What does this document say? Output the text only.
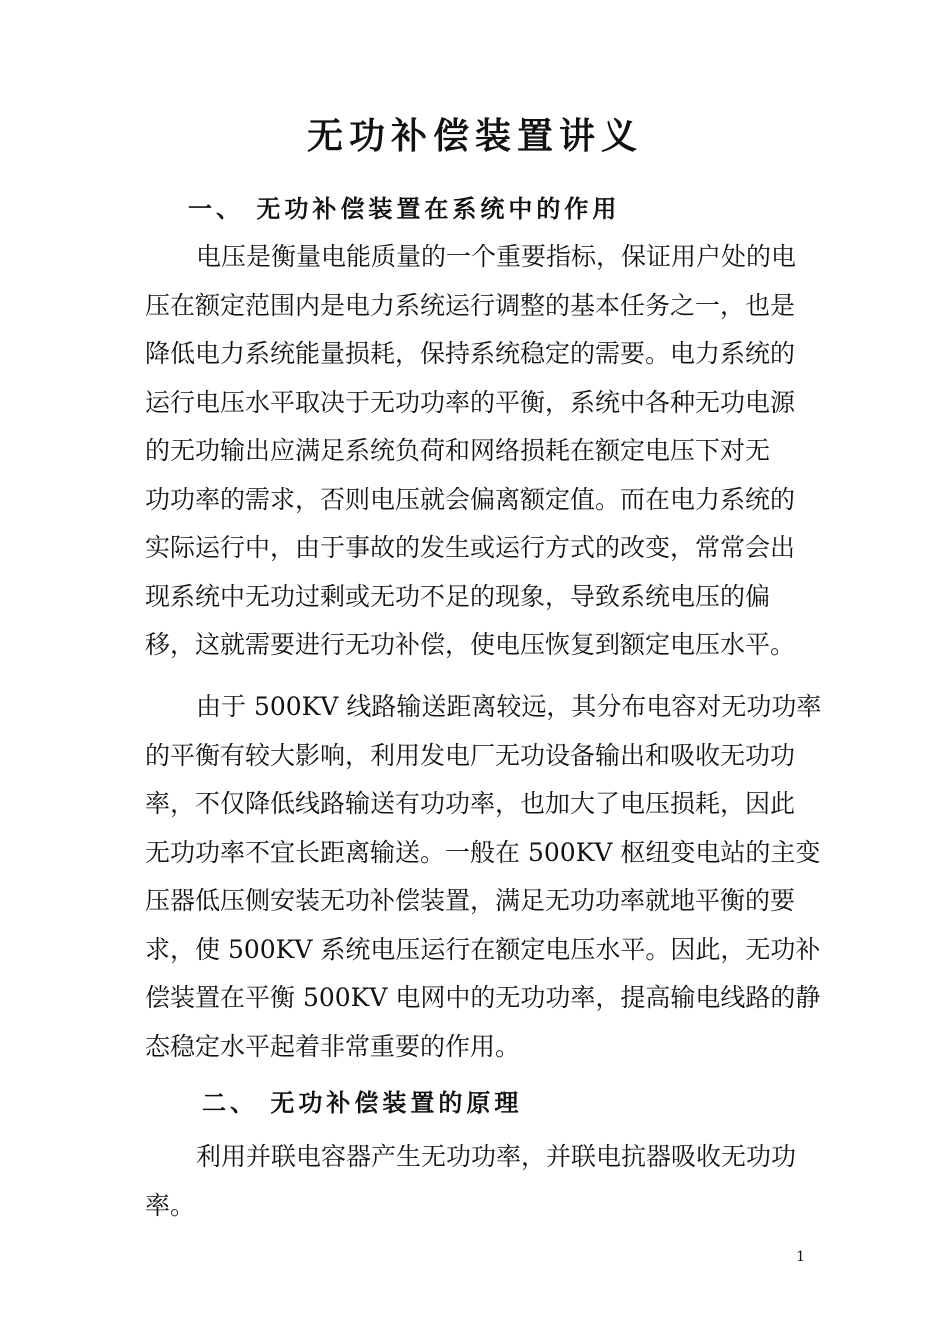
无功补偿装置讲义
一、 无功补偿装置在系统中的作用

电压是衡量电能质量的一个重要指标，保证用户处的电
压在额定范围内是电力系统运行调整的基本任务之一，也是
降低电力系统能量损耗，保持系统稳定的需要。电力系统的
运行电压水平取决于无功功率的平衡，系统中各种无功电源
的无功输出应满足系统负荷和网络损耗在额定电压下对无
功功率的需求，否则电压就会偏离额定值。而在电力系统的
实际运行中，由于事故的发生或运行方式的改变，常常会出
现系统中无功过剩或无功不足的现象，导致系统电压的偏
移，这就需要进行无功补偿，使电压恢复到额定电压水平。

由于 500KV 线路输送距离较远，其分布电容对无功功率
的平衡有较大影响，利用发电厂无功设备输出和吸收无功功
率，不仅降低线路输送有功功率，也加大了电压损耗，因此
无功功率不宜长距离输送。一般在 500KV 枢纽变电站的主变
压器低压侧安装无功补偿装置，满足无功功率就地平衡的要
求，使 500KV 系统电压运行在额定电压水平。因此，无功补
偿装置在平衡 500KV 电网中的无功功率，提高输电线路的静
态稳定水平起着非常重要的作用。

二、 无功补偿装置的原理

利用并联电容器产生无功功率，并联电抗器吸收无功功
率。

1
